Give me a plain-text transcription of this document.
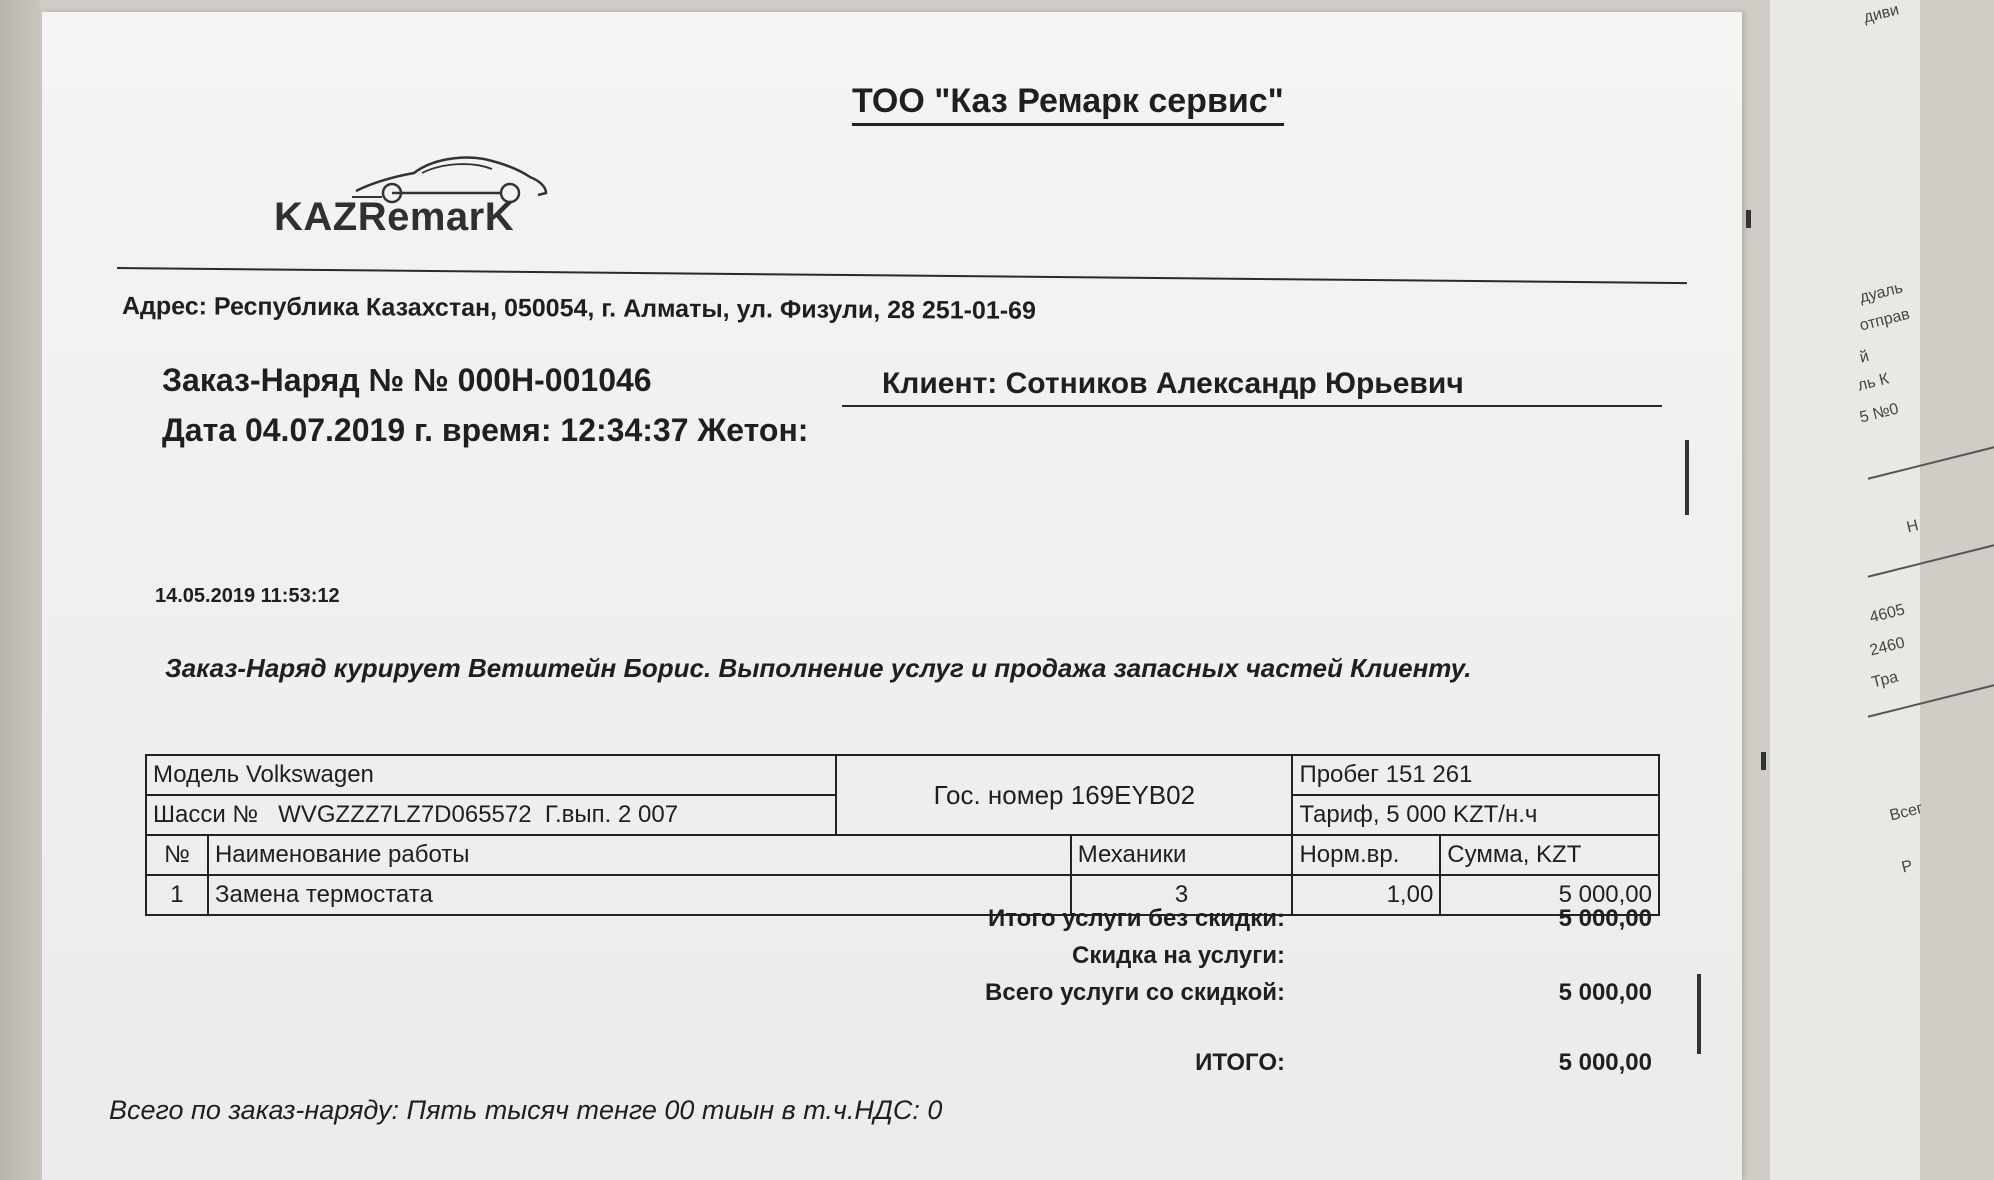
диви
дуаль
отправ
й
ль К
5 №0
Н
4605
2460
Тра
Всег
Р
ТОО "Каз Ремарк сервис"
KAZRemarK
Адрес: Республика Казахстан, 050054, г. Алматы, ул. Физули, 28 251-01-69
Заказ-Наряд № № 000Н-001046
Дата 04.07.2019 г. время: 12:34:37 Жетон:
Клиент: Сотников Александр Юрьевич
14.05.2019 11:53:12
Заказ-Наряд курирует Ветштейн Борис. Выполнение услуг и продажа запасных частей Клиенту.
Модель Volkswagen		Гос. номер 169EYB02		Пробег 151 261	
Шасси №   WVGZZZ7LZ7D065572  Г.вып. 2 007				Тариф, 5 000 KZT/н.ч	
№	Наименование работы		Механики	Норм.вр.	Сумма, KZT
1	Замена термостата		3	1,00	5 000,00
Итого услуги без скидки:	5 000,00
Скидка на услуги:
Всего услуги со скидкой:	5 000,00
ИТОГО:	5 000,00
Всего по заказ-наряду: Пять тысяч тенге 00 тиын в т.ч.НДС: 0
